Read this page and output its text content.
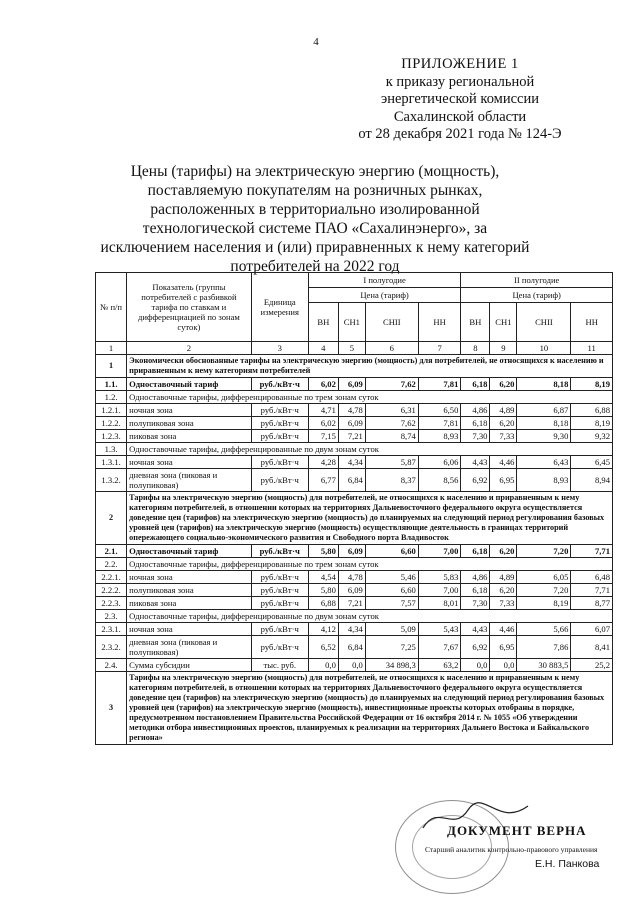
4
ПРИЛОЖЕНИЕ 1
к приказу региональной
энергетической комиссии
Сахалинской области
от 28 декабря 2021 года № 124-Э
Цены (тарифы) на электрическую энергию (мощность), поставляемую покупателям на розничных рынках, расположенных в территориально изолированной технологической системе ПАО «Сахалинэнерго», за исключением населения и (или) приравненных к нему категорий потребителей на 2022 год
№ п/п	Показатель (группы потребителей с разбивкой тарифа по ставкам и дифференциацией по зонам суток)	Единица измерения	I полугодие				II полугодие			
			Цена (тариф)				Цена (тариф)			
			ВН	СН1	СНII	НН	ВН	СН1	СНII	НН
1	2	3	4	5	6	7	8	9	10	11
1	Экономически обоснованные тарифы на электрическую энергию (мощность) для потребителей, не относящихся к населению и приравненным к нему категориям потребителей									
1.1.	Одноставочный тариф	руб./кВт·ч	6,02	6,09	7,62	7,81	6,18	6,20	8,18	8,19
1.2.	Одноставочные тарифы, дифференцированные по трем зонам суток									
1.2.1.	ночная зона	руб./кВт·ч	4,71	4,78	6,31	6,50	4,86	4,89	6,87	6,88
1.2.2.	полупиковая зона	руб./кВт·ч	6,02	6,09	7,62	7,81	6,18	6,20	8,18	8,19
1.2.3.	пиковая зона	руб./кВт·ч	7,15	7,21	8,74	8,93	7,30	7,33	9,30	9,32
1.3.	Одноставочные тарифы, дифференцированные по двум зонам суток									
1.3.1.	ночная зона	руб./кВт·ч	4,28	4,34	5,87	6,06	4,43	4,46	6,43	6,45
1.3.2.	дневная зона (пиковая и полупиковая)	руб./кВт·ч	6,77	6,84	8,37	8,56	6,92	6,95	8,93	8,94
2	Тарифы на электрическую энергию (мощность) для потребителей, не относящихся к населению и приравненным к нему категориям потребителей, в отношении которых на территориях Дальневосточного федерального округа осуществляется доведение цен (тарифов) на электрическую энергию (мощность) до планируемых на следующий период регулирования базовых уровней цен (тарифов) на электрическую энергию (мощность) осуществляющие деятельность в границах территорий опережающего социально-экономического развития и Свободного порта Владивосток									
2.1.	Одноставочный тариф	руб./кВт·ч	5,80	6,09	6,60	7,00	6,18	6,20	7,20	7,71
2.2.	Одноставочные тарифы, дифференцированные по трем зонам суток									
2.2.1.	ночная зона	руб./кВт·ч	4,54	4,78	5,46	5,83	4,86	4,89	6,05	6,48
2.2.2.	полупиковая зона	руб./кВт·ч	5,80	6,09	6,60	7,00	6,18	6,20	7,20	7,71
2.2.3.	пиковая зона	руб./кВт·ч	6,88	7,21	7,57	8,01	7,30	7,33	8,19	8,77
2.3.	Одноставочные тарифы, дифференцированные по двум зонам суток									
2.3.1.	ночная зона	руб./кВт·ч	4,12	4,34	5,09	5,43	4,43	4,46	5,66	6,07
2.3.2.	дневная зона (пиковая и полупиковая)	руб./кВт·ч	6,52	6,84	7,25	7,67	6,92	6,95	7,86	8,41
2.4.	Сумма субсидии	тыс. руб.	0,0	0,0	34 898,3	63,2	0,0	0,0	30 883,5	25,2
3	Тарифы на электрическую энергию (мощность) для потребителей, не относящихся к населению и приравненным к нему категориям потребителей, в отношении которых на территориях Дальневосточного федерального округа осуществляется доведение цен (тарифов) на электрическую энергию (мощность) до планируемых на следующий период регулирования базовых уровней цен (тарифов) на электрическую энергию (мощность), инвестиционные проекты которых отобраны в порядке, предусмотренном постановлением Правительства Российской Федерации от 16 октября 2014 г. № 1055 «Об утверждении методики отбора инвестиционных проектов, планируемых к реализации на территориях Дальнего Востока и Байкальского региона»									
ДОКУМЕНТ ВЕРНА
Старший аналитик контрольно-правового управления
Е.Н. Панкова
